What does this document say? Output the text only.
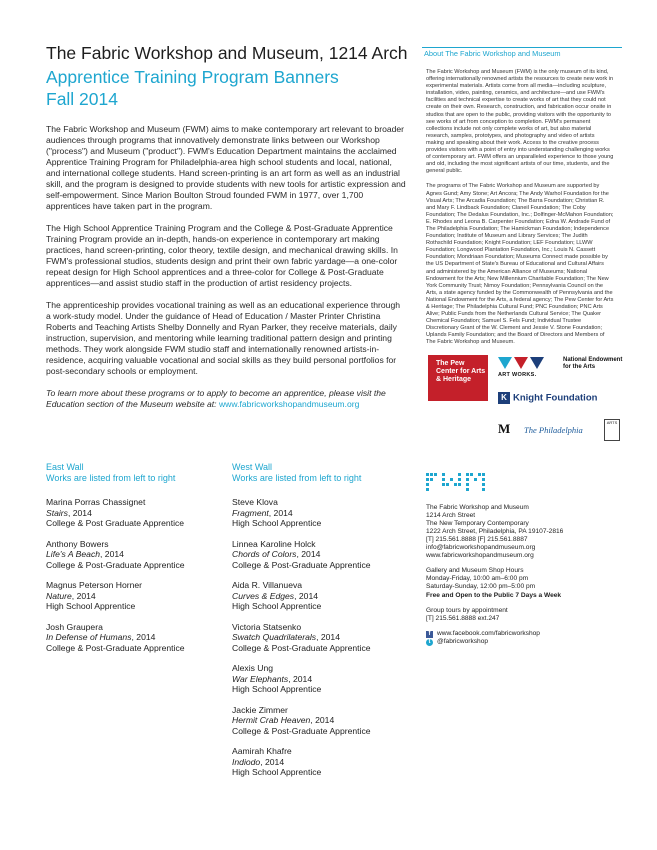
The Fabric Workshop and Museum, 1214 Arch
Apprentice Training Program Banners
Fall 2014

The Fabric Workshop and Museum (FWM) aims to make contemporary art relevant to broader audiences through programs that innovatively demonstrate links between our Workshop ("process") and Museum ("product"). FWM's Education Department maintains the acclaimed Apprentice Training Program for Philadelphia-area high school students and local, national, and international college students. Hand screen-printing is an art form as well as an industrial skill, and the program is designed to provide students with new tools for artistic expression and self-empowerment. Since Marion Boulton Stroud founded FWM in 1977, over 1,700 apprentices have taken part in the program.

The High School Apprentice Training Program and the College & Post-Graduate Apprentice Training Program provide an in-depth, hands-on experience in contemporary art making practices, hand screen-printing, color theory, textile design, and mechanical drawing skills. In FWM's professional studios, students design and print their own fabric yardage—a one-color repeat design for High School apprentices and a three-color for College & Post-Graduate apprentices—and assist studio staff in the production of artist residency projects.

The apprenticeship provides vocational training as well as an educational experience through a work-study model. Under the guidance of Head of Education / Master Printer Christina Roberts and Teaching Artists Shelby Donnelly and Ryan Parker, they receive materials, daily instruction, supervision, and mentoring while learning traditional pattern design and printing methods. They work alongside FWM studio staff and internationally renowned artists-in-residence, acquiring valuable vocational and social skills as they build personal portfolios for post-secondary schools or employment.

To learn more about these programs or to apply to become an apprentice, please visit the Education section of the Museum website at: www.fabricworkshopandmuseum.org

East Wall
Works are listed from left to right
Marina Porras Chassignet
Stairs, 2014
College & Post Graduate Apprentice
Anthony Bowers
Life's A Beach, 2014
College & Post-Graduate Apprentice
Magnus Peterson Horner
Nature, 2014
High School Apprentice
Josh Graupera
In Defense of Humans, 2014
College & Post-Graduate Apprentice
West Wall
Works are listed from left to right
Steve Klova
Fragment, 2014
High School Apprentice
Linnea Karoline Holck
Chords of Colors, 2014
College & Post-Graduate Apprentice
Aida R. Villanueva
Curves & Edges, 2014
High School Apprentice
Victoria Statsenko
Swatch Quadrilaterals, 2014
College & Post-Graduate Apprentice
Alexis Ung
War Elephants, 2014
High School Apprentice
Jackie Zimmer
Hermit Crab Heaven, 2014
College & Post-Graduate Apprentice
Aamirah Khafre
Indiodo, 2014
High School Apprentice
About The Fabric Workshop and Museum

The Fabric Workshop and Museum (FWM) is the only museum of its kind, offering internationally renowned artists the resources to create new work in experimental materials. Artists come from all media—including sculpture, installation, video, painting, ceramics, and architecture—and use FWM's facilities and technical expertise to create works of art that they could not create on their own. Research, construction, and fabrication occur onsite in studios that are open to the public, providing visitors with the opportunity to see works of art from conception to completion. FWM's permanent collections include not only complete works of art, but also material research, samples, prototypes, and photography and video of artists making and speaking about their work. Access to the creative process provides visitors with a point of entry into understanding challenging works of contemporary art. FWM offers an unparalleled experience to those young and old, including the most significant artists of our time, students, and the general public.

The programs of The Fabric Workshop and Museum are supported by Agnes Gund; Amy Stone; Art Ancora; The Andy Warhol Foundation for the Visual Arts; The Arcadia Foundation; The Barra Foundation; Christian R. and Mary F. Lindback Foundation; Claneil Foundation; The Coby Foundation; The Dedalus Foundation, Inc.; Dolfinger-McMahon Foundation; E. Rhodes and Leona B. Carpenter Foundation; Edna W. Andrade Fund of The Philadelphia Foundation; The Hamickman Foundation; Independence Foundation; Institute of Museum and Library Services; The Judith Rothschild Foundation; Knight Foundation; LEF Foundation; LLWW Foundation; Longwood Plantation Foundation, Inc.; Louis N. Cassett Foundation; Mondriaan Foundation; Museums Connect made possible by the US Department of State's Bureau of Educational and Cultural Affairs and administered by the American Alliance of Museums; National Endowment for the Arts; New Millennium Charitable Foundation; The New York Community Trust; Nimoy Foundation; Pennsylvania Council on the Arts, a state agency funded by the Commonwealth of Pennsylvania and the National Endowment for the Arts, a federal agency; The Pew Center for Arts & Heritage; The Philadelphia Cultural Fund; PNC Foundation; PNC Arts Alive; Public Funds from the Netherlands Cultural Service; The Quaker Chemical Foundation; Samuel S. Fels Fund; Individual Trustee Discretionary Grant of the W. Clement and Jessie V. Stone Foundation; Uplands Family Foundation; and the Board of Directors and Members of The Fabric Workshop and Museum.

The Pew Center for Arts & Heritage
ART WORKS.
National Endowment for the Arts
K Knight Foundation
M The Philadelphia
ARTS
The Fabric Workshop and Museum
1214 Arch Street
The New Temporary Contemporary
1222 Arch Street, Philadelphia, PA 19107-2816
[T] 215.561.8888 [F] 215.561.8887
info@fabricworkshopandmuseum.org
www.fabricworkshopandmuseum.org
Gallery and Museum Shop Hours
Monday-Friday, 10:00 am–6:00 pm
Saturday-Sunday, 12:00 pm–5:00 pm
Free and Open to the Public 7 Days a Week
Group tours by appointment
[T] 215.561.8888 ext.247
f www.facebook.com/fabricworkshop
t @fabricworkshop
